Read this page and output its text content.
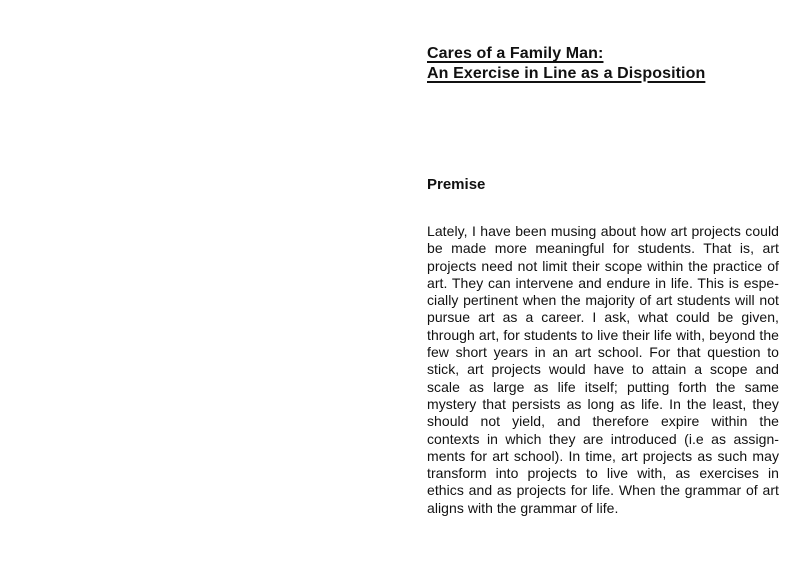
Cares of a Family Man:
An Exercise in Line as a Disposition
Premise
Lately, I have been musing about how art projects could
be made more meaningful for students. That is, art
projects need not limit their scope within the practice of
art. They can intervene and endure in life. This is espe-
cially pertinent when the majority of art students will not
pursue art as a career. I ask, what could be given,
through art, for students to live their life with, beyond the
few short years in an art school. For that question to
stick, art projects would have to attain a scope and
scale as large as life itself; putting forth the same
mystery that persists as long as life. In the least, they
should not yield, and therefore expire within the
contexts in which they are introduced (i.e as assign-
ments for art school). In time, art projects as such may
transform into projects to live with, as exercises in
ethics and as projects for life. When the grammar of art
aligns with the grammar of life.
